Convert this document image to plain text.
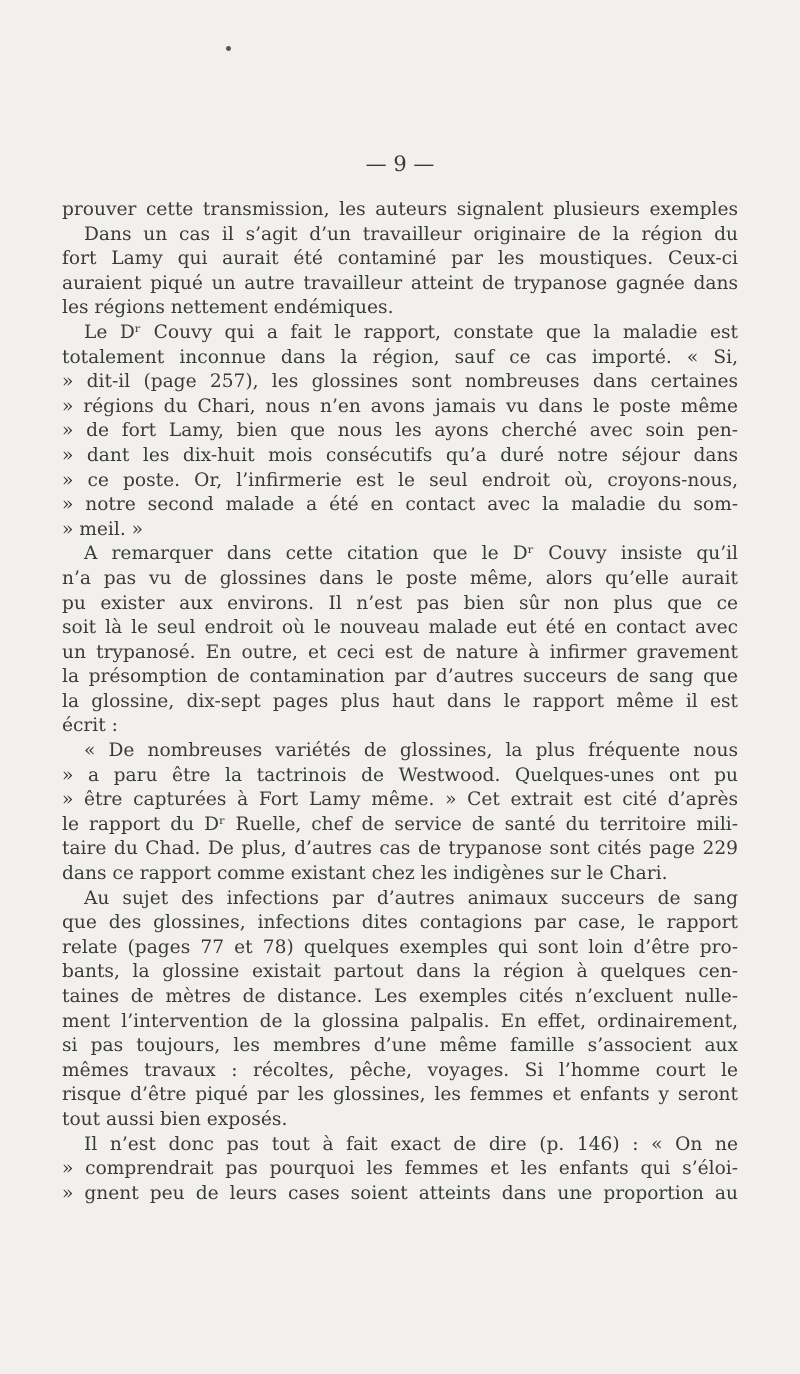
— 9 —
prouver cette transmission, les auteurs signalent plusieurs exemples
Dans un cas il s’agit d’un travailleur originaire de la région du
fort Lamy qui aurait été contaminé par les moustiques. Ceux-ci
auraient piqué un autre travailleur atteint de trypanose gagnée dans
les régions nettement endémiques.
Le Dʳ Couvy qui a fait le rapport, constate que la maladie est
totalement inconnue dans la région, sauf ce cas importé. « Si,
» dit-il (page 257), les glossines sont nombreuses dans certaines
» régions du Chari, nous n’en avons jamais vu dans le poste même
» de fort Lamy, bien que nous les ayons cherché avec soin pen-
» dant les dix-huit mois consécutifs qu’a duré notre séjour dans
» ce poste. Or, l’infirmerie est le seul endroit où, croyons-nous,
» notre second malade a été en contact avec la maladie du som-
» meil. »
A remarquer dans cette citation que le Dʳ Couvy insiste qu’il
n’a pas vu de glossines dans le poste même, alors qu’elle aurait
pu exister aux environs. Il n’est pas bien sûr non plus que ce
soit là le seul endroit où le nouveau malade eut été en contact avec
un trypanosé. En outre, et ceci est de nature à infirmer gravement
la présomption de contamination par d’autres succeurs de sang que
la glossine, dix-sept pages plus haut dans le rapport même il est
écrit :
« De nombreuses variétés de glossines, la plus fréquente nous
» a paru être la tactrinois de Westwood. Quelques-unes ont pu
» être capturées à Fort Lamy même. » Cet extrait est cité d’après
le rapport du Dʳ Ruelle, chef de service de santé du territoire mili-
taire du Chad. De plus, d’autres cas de trypanose sont cités page 229
dans ce rapport comme existant chez les indigènes sur le Chari.
Au sujet des infections par d’autres animaux succeurs de sang
que des glossines, infections dites contagions par case, le rapport
relate (pages 77 et 78) quelques exemples qui sont loin d’être pro-
bants, la glossine existait partout dans la région à quelques cen-
taines de mètres de distance. Les exemples cités n’excluent nulle-
ment l’intervention de la glossina palpalis. En effet, ordinairement,
si pas toujours, les membres d’une même famille s’associent aux
mêmes travaux : récoltes, pêche, voyages. Si l’homme court le
risque d’être piqué par les glossines, les femmes et enfants y seront
tout aussi bien exposés.
Il n’est donc pas tout à fait exact de dire (p. 146) : « On ne
» comprendrait pas pourquoi les femmes et les enfants qui s’éloi-
» gnent peu de leurs cases soient atteints dans une proportion au
